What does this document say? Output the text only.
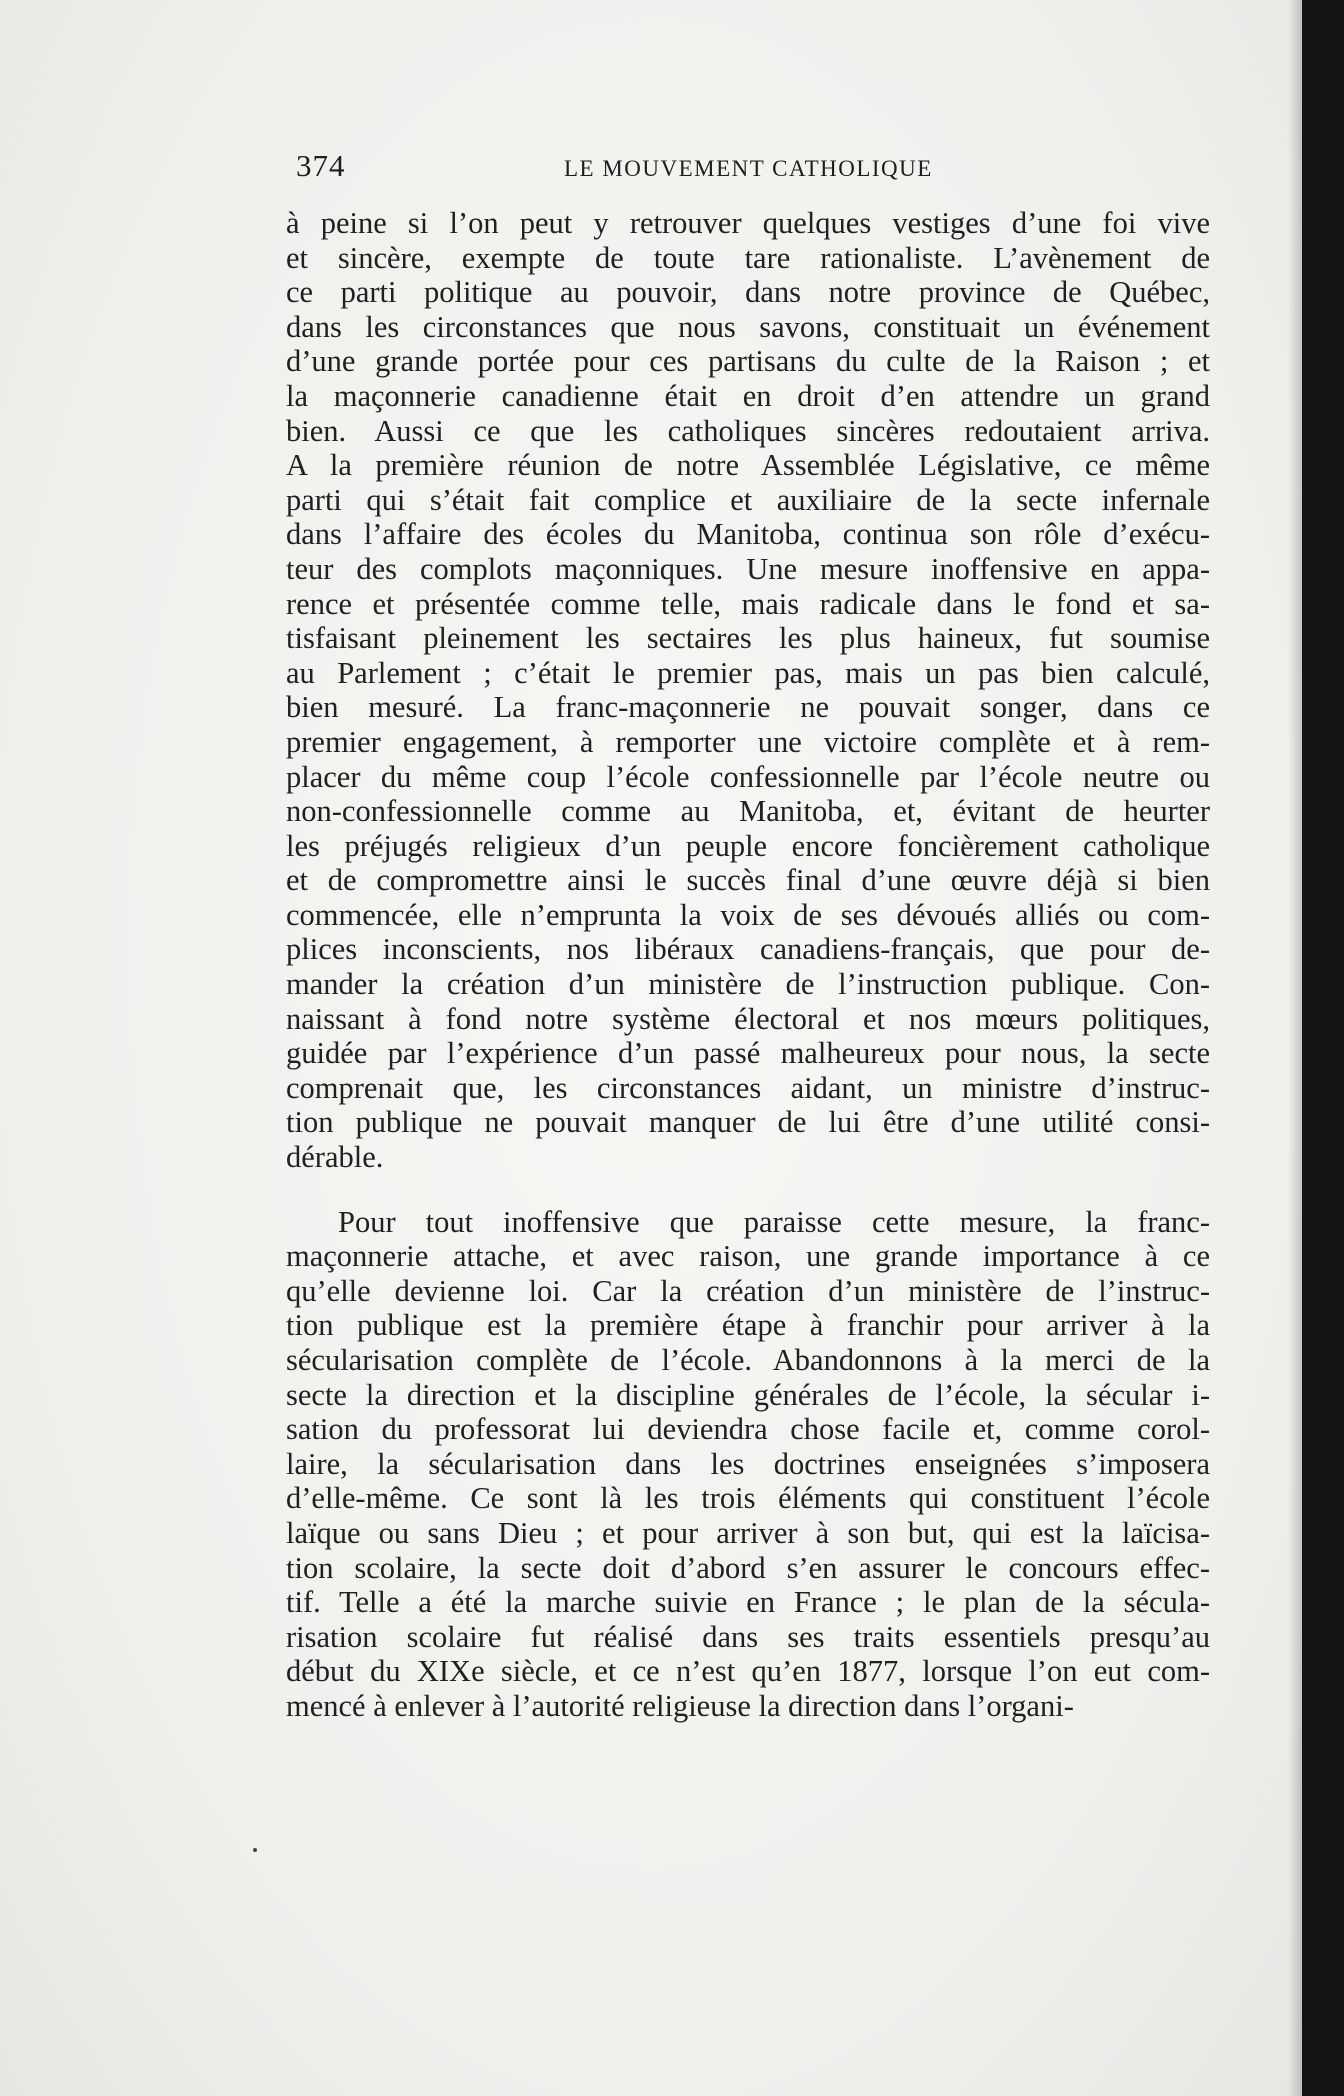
374	LE MOUVEMENT CATHOLIQUE

à peine si l’on peut y retrouver quelques vestiges d’une foi vive
et sincère, exempte de toute tare rationaliste. L’avènement de
ce parti politique au pouvoir, dans notre province de Québec,
dans les circonstances que nous savons, constituait un événement
d’une grande portée pour ces partisans du culte de la Raison ; et
la maçonnerie canadienne était en droit d’en attendre un grand
bien. Aussi ce que les catholiques sincères redoutaient arriva.
A la première réunion de notre Assemblée Législative, ce même
parti qui s’était fait complice et auxiliaire de la secte infernale
dans l’affaire des écoles du Manitoba, continua son rôle d’exécu-
teur des complots maçonniques. Une mesure inoffensive en appa-
rence et présentée comme telle, mais radicale dans le fond et sa-
tisfaisant pleinement les sectaires les plus haineux, fut soumise
au Parlement ; c’était le premier pas, mais un pas bien calculé,
bien mesuré. La franc-maçonnerie ne pouvait songer, dans ce
premier engagement, à remporter une victoire complète et à rem-
placer du même coup l’école confessionnelle par l’école neutre ou
non-confessionnelle comme au Manitoba, et, évitant de heurter
les préjugés religieux d’un peuple encore foncièrement catholique
et de compromettre ainsi le succès final d’une œuvre déjà si bien
commencée, elle n’emprunta la voix de ses dévoués alliés ou com-
plices inconscients, nos libéraux canadiens-français, que pour de-
mander la création d’un ministère de l’instruction publique. Con-
naissant à fond notre système électoral et nos mœurs politiques,
guidée par l’expérience d’un passé malheureux pour nous, la secte
comprenait que, les circonstances aidant, un ministre d’instruc-
tion publique ne pouvait manquer de lui être d’une utilité consi-
dérable.

Pour tout inoffensive que paraisse cette mesure, la franc-
maçonnerie attache, et avec raison, une grande importance à ce
qu’elle devienne loi. Car la création d’un ministère de l’instruc-
tion publique est la première étape à franchir pour arriver à la
sécularisation complète de l’école. Abandonnons à la merci de la
secte la direction et la discipline générales de l’école, la sécular i-
sation du professorat lui deviendra chose facile et, comme corol-
laire, la sécularisation dans les doctrines enseignées s’imposera
d’elle-même. Ce sont là les trois éléments qui constituent l’école
laïque ou sans Dieu ; et pour arriver à son but, qui est la laïcisa-
tion scolaire, la secte doit d’abord s’en assurer le concours effec-
tif. Telle a été la marche suivie en France ; le plan de la sécula-
risation scolaire fut réalisé dans ses traits essentiels presqu’au
début du XIXe siècle, et ce n’est qu’en 1877, lorsque l’on eut com-
mencé à enlever à l’autorité religieuse la direction dans l’organi-
